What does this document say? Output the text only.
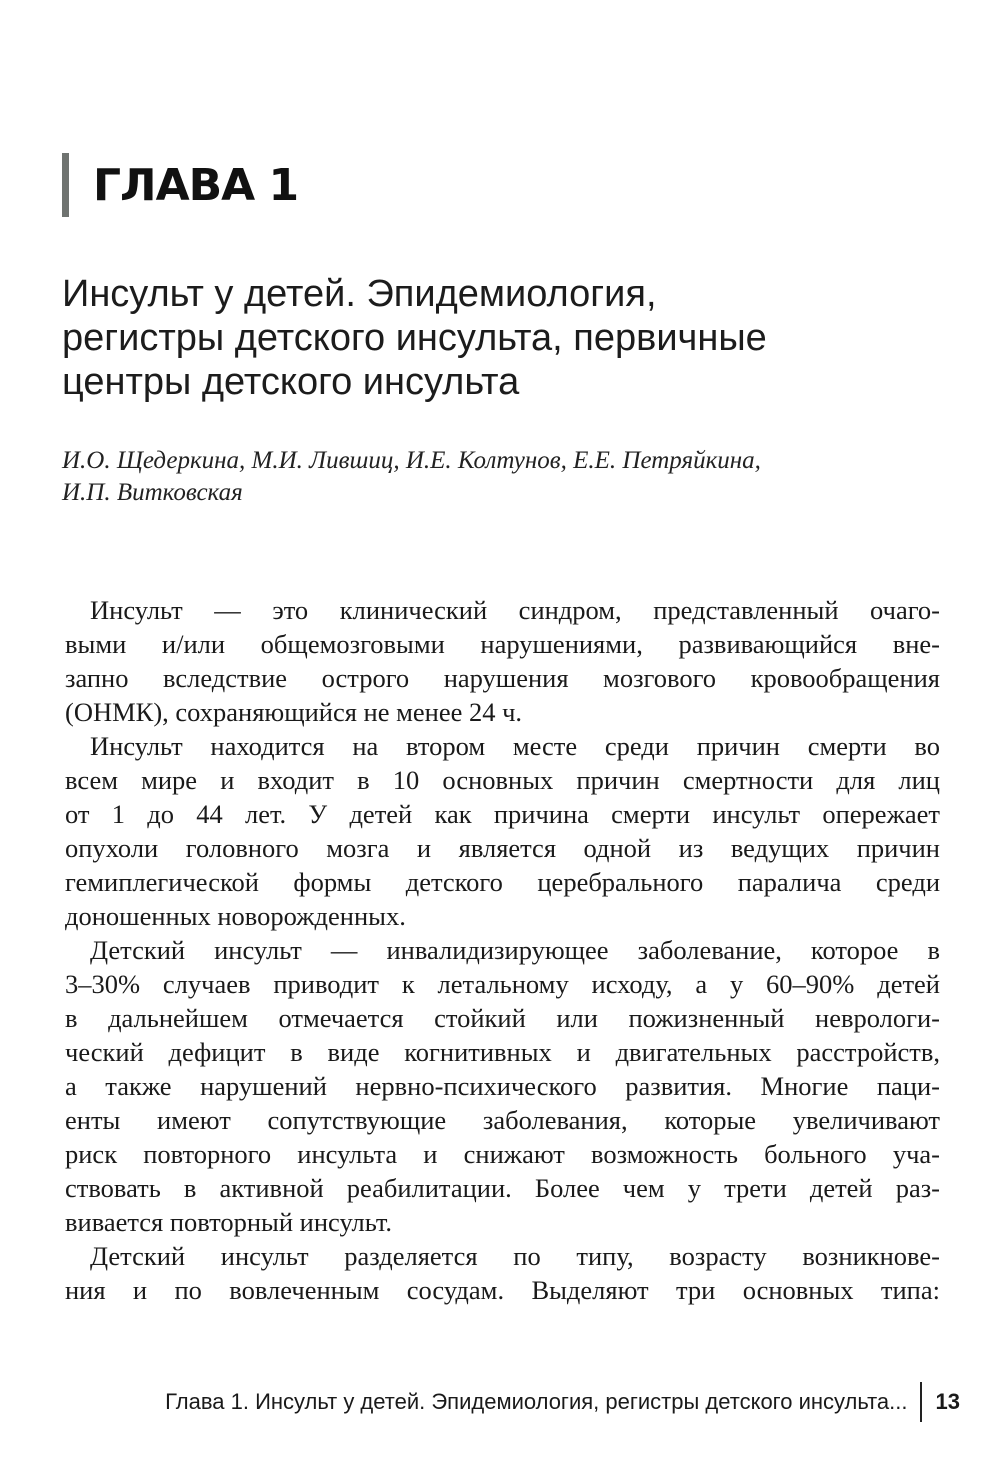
ГЛАВА 1
Инсульт у детей. Эпидемиология,
регистры детского инсульта, первичные
центры детского инсульта
И.О. Щедеркина, М.И. Лившиц, И.Е. Колтунов, Е.Е. Петряйкина,
И.П. Витковская
Инсульт — это клинический синдром, представленный очаго-
выми и/или общемозговыми нарушениями, развивающийся вне-
запно вследствие острого нарушения мозгового кровообращения
(ОНМК), сохраняющийся не менее 24 ч.
Инсульт находится на втором месте среди причин смерти во
всем мире и входит в 10 основных причин смертности для лиц
от 1 до 44 лет. У детей как причина смерти инсульт опережает
опухоли головного мозга и является одной из ведущих причин
гемиплегической формы детского церебрального паралича среди
доношенных новорожденных.
Детский инсульт — инвалидизирующее заболевание, которое в
3–30% случаев приводит к летальному исходу, а у 60–90% детей
в дальнейшем отмечается стойкий или пожизненный неврологи-
ческий дефицит в виде когнитивных и двигательных расстройств,
а также нарушений нервно-психического развития. Многие паци-
енты имеют сопутствующие заболевания, которые увеличивают
риск повторного инсульта и снижают возможность больного уча-
ствовать в активной реабилитации. Более чем у трети детей раз-
вивается повторный инсульт.
Детский инсульт разделяется по типу, возрасту возникнове-
ния и по вовлеченным сосудам. Выделяют три основных типа:
Глава 1. Инсульт у детей. Эпидемиология, регистры детского инсульта... 13
